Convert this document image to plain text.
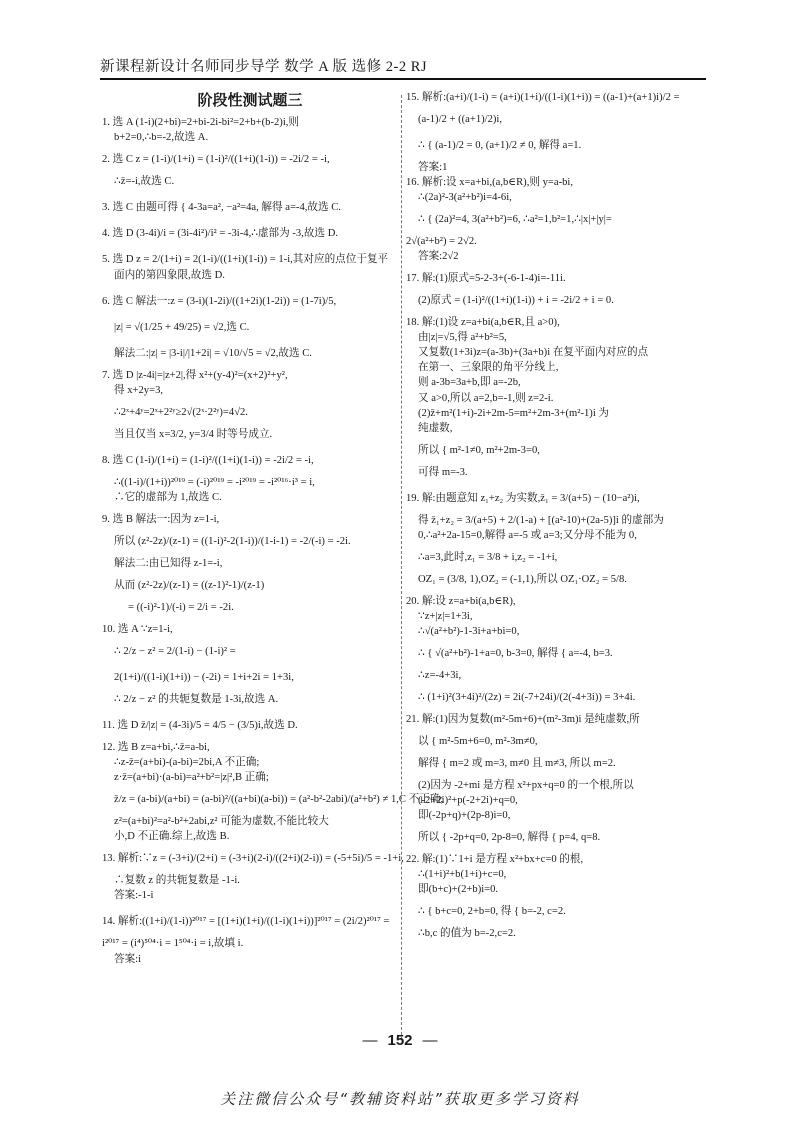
新课程新设计名师同步导学 数学 A 版 选修 2-2 RJ
阶段性测试题三
1. 选 A (1-i)(2+bi)=2+bi-2i-bi²=2+b+(b-2)i,则
b+2=0,∴b=-2,故选 A.
2. 选 C z = (1-i)/(1+i) = (1-i)²/((1+i)(1-i)) = -2i/2 = -i,
∴z̄=-i,故选 C.
3. 选 C 由题可得 { 4-3a=a², −a²=4a, 解得 a=-4,故选 C.
4. 选 D (3-4i)/i = (3i-4i²)/i² = -3i-4,∴虚部为 -3,故选 D.
5. 选 D z = 2/(1+i) = 2(1-i)/((1+i)(1-i)) = 1-i,其对应的点位于复平
面内的第四象限,故选 D.
6. 选 C 解法一:z = (3-i)(1-2i)/((1+2i)(1-2i)) = (1-7i)/5,
|z| = √(1/25 + 49/25) = √2,选 C.
解法二:|z| = |3-i|/|1+2i| = √10/√5 = √2,故选 C.
7. 选 D |z-4i|=|z+2|,得 x²+(y-4)²=(x+2)²+y²,
得 x+2y=3,
∴2ˣ+4ʸ=2ˣ+2²ʸ≥2√(2ˣ·2²ʸ)=4√2.
当且仅当 x=3/2, y=3/4 时等号成立.
8. 选 C (1-i)/(1+i) = (1-i)²/((1+i)(1-i)) = -2i/2 = -i,
∴((1-i)/(1+i))²⁰¹⁹ = (-i)²⁰¹⁹ = -i²⁰¹⁹ = -i²⁰¹⁶·i³ = i,
∴它的虚部为 1,故选 C.
9. 选 B 解法一:因为 z=1-i,
所以 (z²-2z)/(z-1) = ((1-i)²-2(1-i))/(1-i-1) = -2/(-i) = -2i.
解法二:由已知得 z-1=-i,
从而 (z²-2z)/(z-1) = ((z-1)²-1)/(z-1)
= ((-i)²-1)/(-i) = 2/i = -2i.
10. 选 A ∵z=1-i,
∴ 2/z − z² = 2/(1-i) − (1-i)² =
2(1+i)/((1-i)(1+i)) − (-2i) = 1+i+2i = 1+3i,
∴ 2/z − z² 的共轭复数是 1-3i,故选 A.
11. 选 D z̄/|z| = (4-3i)/5 = 4/5 − (3/5)i,故选 D.
12. 选 B z=a+bi,∴z̄=a-bi,
∴z-z̄=(a+bi)-(a-bi)=2bi,A 不正确;
z·z̄=(a+bi)·(a-bi)=a²+b²=|z|²,B 正确;
z̄/z = (a-bi)/(a+bi) = (a-bi)²/((a+bi)(a-bi)) = (a²-b²-2abi)/(a²+b²) ≠ 1,C 不正确;
z²=(a+bi)²=a²-b²+2abi,z² 可能为虚数,不能比较大
小,D 不正确.综上,故选 B.
13. 解析:∵z = (-3+i)/(2+i) = (-3+i)(2-i)/((2+i)(2-i)) = (-5+5i)/5 = -1+i,
∴复数 z 的共轭复数是 -1-i.
答案:-1-i
14. 解析:((1+i)/(1-i))²⁰¹⁷ = [(1+i)(1+i)/((1-i)(1+i))]²⁰¹⁷ = (2i/2)²⁰¹⁷ =
i²⁰¹⁷ = (i⁴)⁵⁰⁴·i = 1⁵⁰⁴·i = i,故填 i.
答案:i
15. 解析:(a+i)/(1-i) = (a+i)(1+i)/((1-i)(1+i)) = ((a-1)+(a+1)i)/2 =
(a-1)/2 + ((a+1)/2)i,
∴ { (a-1)/2 = 0, (a+1)/2 ≠ 0, 解得 a=1.
答案:1
16. 解析:设 x=a+bi,(a,b∈R),则 y=a-bi,
∴(2a)²-3(a²+b²)i=4-6i,
∴ { (2a)²=4, 3(a²+b²)=6, ∴a²=1,b²=1,∴|x|+|y|=
2√(a²+b²) = 2√2.
答案:2√2
17. 解:(1)原式=5-2-3+(-6-1-4)i=-11i.
(2)原式 = (1-i)²/((1+i)(1-i)) + i = -2i/2 + i = 0.
18. 解:(1)设 z=a+bi(a,b∈R,且 a>0),
由|z|=√5,得 a²+b²=5,
又复数(1+3i)z=(a-3b)+(3a+b)i 在复平面内对应的点
在第一、三象限的角平分线上,
则 a-3b=3a+b,即 a=-2b,
又 a>0,所以 a=2,b=-1,则 z=2-i.
(2)z̄+m²(1+i)-2i+2m-5=m²+2m-3+(m²-1)i 为
纯虚数,
所以 { m²-1≠0, m²+2m-3=0,
可得 m=-3.
19. 解:由题意知 z₁+z₂ 为实数,z̄₁ = 3/(a+5) − (10−a²)i,
得 z̄₁+z₂ = 3/(a+5) + 2/(1-a) + [(a²-10)+(2a-5)]i 的虚部为
0,∴a²+2a-15=0,解得 a=-5 或 a=3;又分母不能为 0,
∴a=3,此时,z₁ = 3/8 + i,z₂ = -1+i,
OZ₁ = (3/8, 1),OZ₂ = (-1,1),所以 OZ₁·OZ₂ = 5/8.
20. 解:设 z=a+bi(a,b∈R),
∵z+|z|=1+3i,
∴√(a²+b²)-1-3i+a+bi=0,
∴ { √(a²+b²)-1+a=0, b-3=0, 解得 { a=-4, b=3.
∴z=-4+3i,
∴ (1+i)²(3+4i)²/(2z) = 2i(-7+24i)/(2(-4+3i)) = 3+4i.
21. 解:(1)因为复数(m²-5m+6)+(m²-3m)i 是纯虚数,所
以 { m²-5m+6=0, m²-3m≠0,
解得 { m=2 或 m=3, m≠0 且 m≠3, 所以 m=2.
(2)因为 -2+mi 是方程 x²+px+q=0 的一个根,所以
(-2+2i)²+p(-2+2i)+q=0,
即(-2p+q)+(2p-8)i=0,
所以 { -2p+q=0, 2p-8=0, 解得 { p=4, q=8.
22. 解:(1)∵1+i 是方程 x²+bx+c=0 的根,
∴(1+i)²+b(1+i)+c=0,
即(b+c)+(2+b)i=0.
∴ { b+c=0, 2+b=0, 得 { b=-2, c=2.
∴b,c 的值为 b=-2,c=2.
— 152 —
关注微信公众号“教辅资料站”获取更多学习资料
